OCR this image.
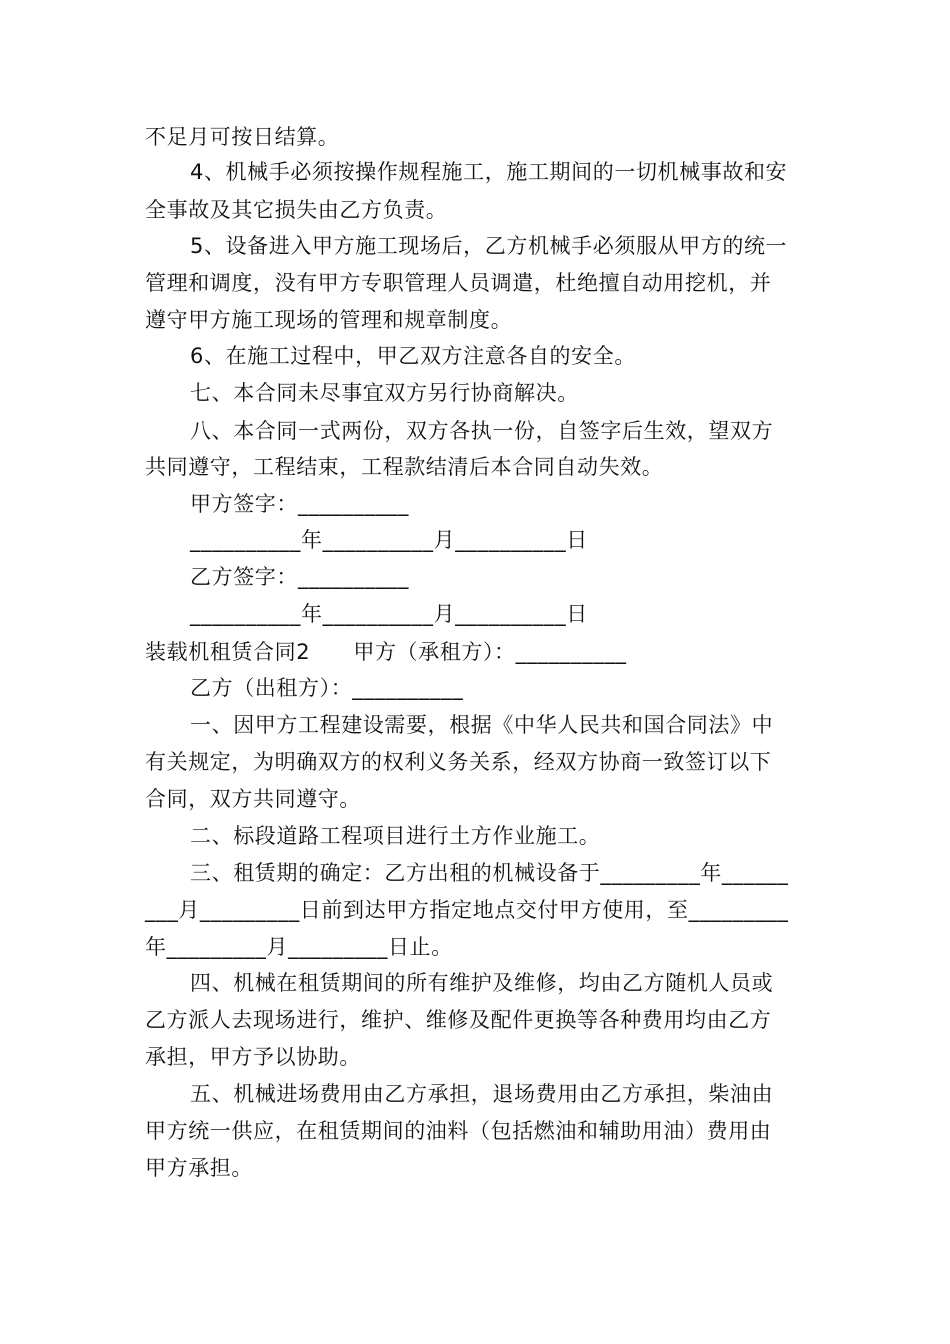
不足月可按日结算。
4、机械手必须按操作规程施工，施工期间的一切机械事故和安
全事故及其它损失由乙方负责。
5、设备进入甲方施工现场后，乙方机械手必须服从甲方的统一
管理和调度，没有甲方专职管理人员调遣，杜绝擅自动用挖机，并
遵守甲方施工现场的管理和规章制度。
6、在施工过程中，甲乙双方注意各自的安全。
七、本合同未尽事宜双方另行协商解决。
八、本合同一式两份，双方各执一份，自签字后生效，望双方
共同遵守，工程结束，工程款结清后本合同自动失效。
甲方签字：__________
__________年__________月__________日
乙方签字：__________
__________年__________月__________日
装载机租赁合同2　　甲方（承租方）：__________
乙方（出租方）：__________
一、因甲方工程建设需要，根据《中华人民共和国合同法》中
有关规定，为明确双方的权利义务关系，经双方协商一致签订以下
合同，双方共同遵守。
二、标段道路工程项目进行土方作业施工。
三、租赁期的确定：乙方出租的机械设备于_________年______
___月_________日前到达甲方指定地点交付甲方使用，至_________
年_________月_________日止。
四、机械在租赁期间的所有维护及维修，均由乙方随机人员或
乙方派人去现场进行，维护、维修及配件更换等各种费用均由乙方
承担，甲方予以协助。
五、机械进场费用由乙方承担，退场费用由乙方承担，柴油由
甲方统一供应，在租赁期间的油料（包括燃油和辅助用油）费用由
甲方承担。
